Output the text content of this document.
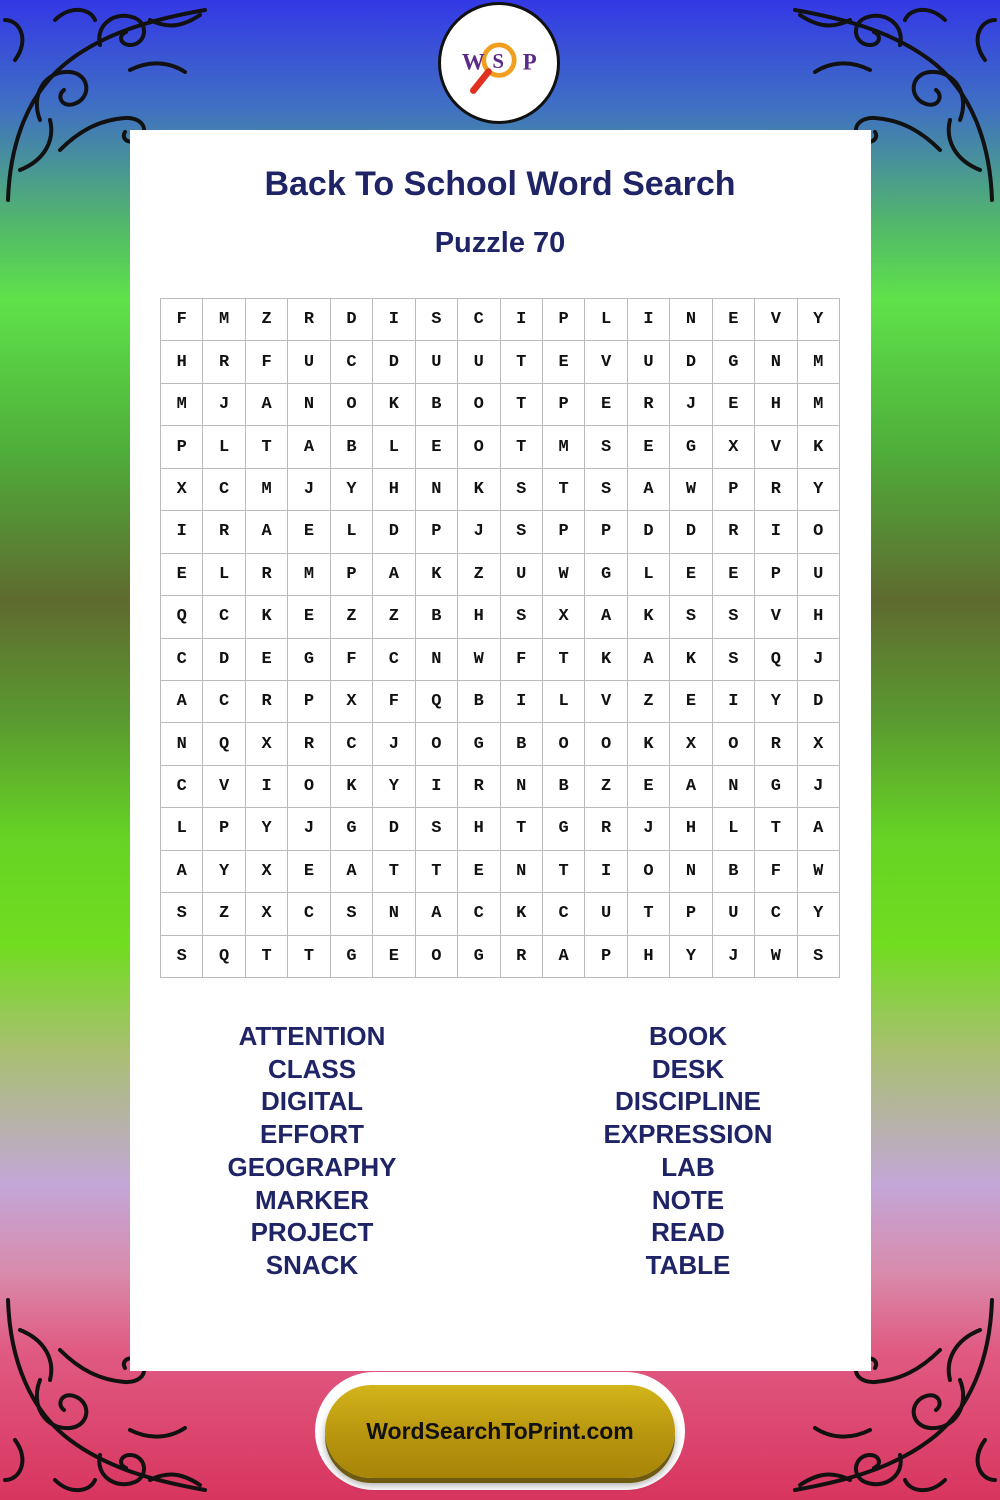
W S P
Back To School Word Search
Puzzle 70
F	M	Z	R	D	I	S	C	I	P	L	I	N	E	V	Y
H	R	F	U	C	D	U	U	T	E	V	U	D	G	N	M
M	J	A	N	O	K	B	O	T	P	E	R	J	E	H	M
P	L	T	A	B	L	E	O	T	M	S	E	G	X	V	K
X	C	M	J	Y	H	N	K	S	T	S	A	W	P	R	Y
I	R	A	E	L	D	P	J	S	P	P	D	D	R	I	O
E	L	R	M	P	A	K	Z	U	W	G	L	E	E	P	U
Q	C	K	E	Z	Z	B	H	S	X	A	K	S	S	V	H
C	D	E	G	F	C	N	W	F	T	K	A	K	S	Q	J
A	C	R	P	X	F	Q	B	I	L	V	Z	E	I	Y	D
N	Q	X	R	C	J	O	G	B	O	O	K	X	O	R	X
C	V	I	O	K	Y	I	R	N	B	Z	E	A	N	G	J
L	P	Y	J	G	D	S	H	T	G	R	J	H	L	T	A
A	Y	X	E	A	T	T	E	N	T	I	O	N	B	F	W
S	Z	X	C	S	N	A	C	K	C	U	T	P	U	C	Y
S	Q	T	T	G	E	O	G	R	A	P	H	Y	J	W	S
ATTENTION
CLASS
DIGITAL
EFFORT
GEOGRAPHY
MARKER
PROJECT
SNACK
BOOK
DESK
DISCIPLINE
EXPRESSION
LAB
NOTE
READ
TABLE
WordSearchToPrint.com
